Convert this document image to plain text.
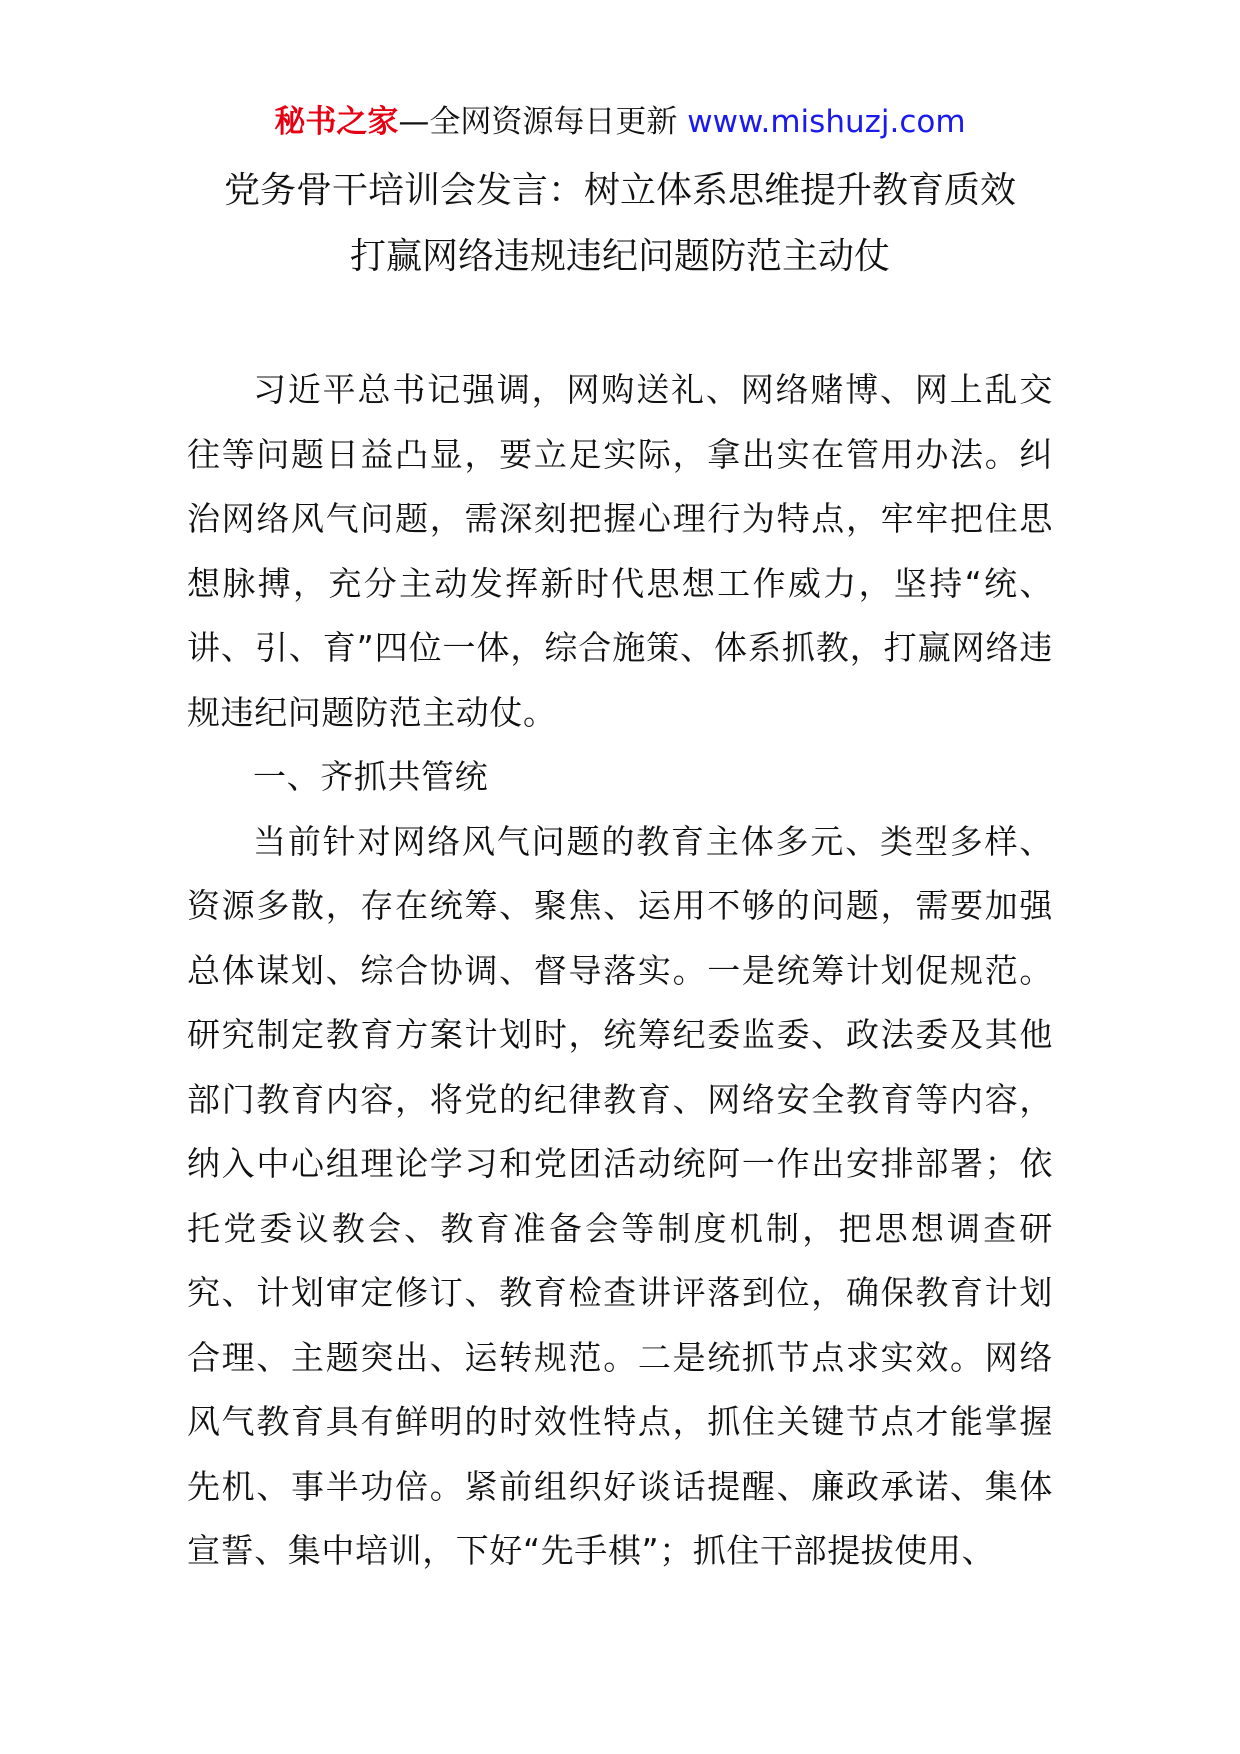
秘书之家—全网资源每日更新 www.mishuzj.com
党务骨干培训会发言：树立体系思维提升教育质效
打赢网络违规违纪问题防范主动仗

习近平总书记强调，网购送礼、网络赌博、网上乱交往等问题日益凸显，要立足实际，拿出实在管用办法。纠治网络风气问题，需深刻把握心理行为特点，牢牢把住思想脉搏，充分主动发挥新时代思想工作威力，坚持“统、讲、引、育”四位一体，综合施策、体系抓教，打赢网络违规违纪问题防范主动仗。

一、齐抓共管统

当前针对网络风气问题的教育主体多元、类型多样、资源多散，存在统筹、聚焦、运用不够的问题，需要加强总体谋划、综合协调、督导落实。一是统筹计划促规范。研究制定教育方案计划时，统筹纪委监委、政法委及其他部门教育内容，将党的纪律教育、网络安全教育等内容，纳入中心组理论学习和党团活动统阿一作出安排部署；依托党委议教会、教育准备会等制度机制，把思想调查研究、计划审定修订、教育检查讲评落到位，确保教育计划合理、主题突出、运转规范。二是统抓节点求实效。网络风气教育具有鲜明的时效性特点，抓住关键节点才能掌握先机、事半功倍。紧前组织好谈话提醒、廉政承诺、集体宣誓、集中培训，下好“先手棋”；抓住干部提拔使用、
